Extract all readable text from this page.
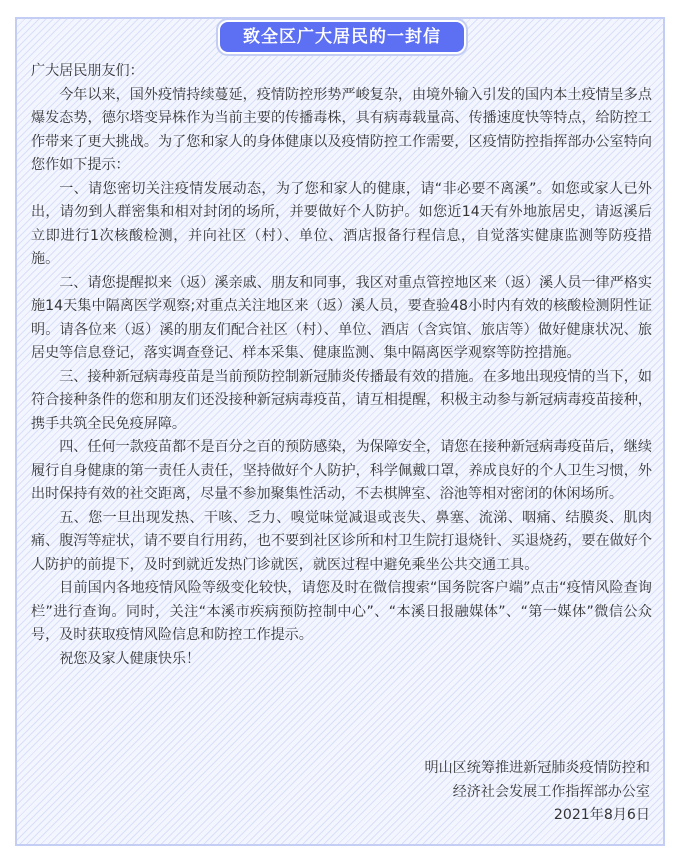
致全区广大居民的一封信

广大居民朋友们：

今年以来，国外疫情持续蔓延，疫情防控形势严峻复杂，由境外输入引发的国内本土疫情呈多点爆发态势，德尔塔变异株作为当前主要的传播毒株，具有病毒载量高、传播速度快等特点，给防控工作带来了更大挑战。为了您和家人的身体健康以及疫情防控工作需要，区疫情防控指挥部办公室特向您作如下提示：

一、请您密切关注疫情发展动态，为了您和家人的健康，请“非必要不离溪”。如您或家人已外出，请勿到人群密集和相对封闭的场所，并要做好个人防护。如您近14天有外地旅居史，请返溪后立即进行1次核酸检测，并向社区（村）、单位、酒店报备行程信息，自觉落实健康监测等防疫措施。

二、请您提醒拟来（返）溪亲戚、朋友和同事，我区对重点管控地区来（返）溪人员一律严格实施14天集中隔离医学观察;对重点关注地区来（返）溪人员，要查验48小时内有效的核酸检测阴性证明。请各位来（返）溪的朋友们配合社区（村）、单位、酒店（含宾馆、旅店等）做好健康状况、旅居史等信息登记，落实调查登记、样本采集、健康监测、集中隔离医学观察等防控措施。

三、接种新冠病毒疫苗是当前预防控制新冠肺炎传播最有效的措施。在多地出现疫情的当下，如符合接种条件的您和朋友们还没接种新冠病毒疫苗，请互相提醒，积极主动参与新冠病毒疫苗接种，携手共筑全民免疫屏障。

四、任何一款疫苗都不是百分之百的预防感染，为保障安全，请您在接种新冠病毒疫苗后，继续履行自身健康的第一责任人责任，坚持做好个人防护，科学佩戴口罩，养成良好的个人卫生习惯，外出时保持有效的社交距离，尽量不参加聚集性活动，不去棋牌室、浴池等相对密闭的休闲场所。

五、您一旦出现发热、干咳、乏力、嗅觉味觉减退或丧失、鼻塞、流涕、咽痛、结膜炎、肌肉痛、腹泻等症状，请不要自行用药，也不要到社区诊所和村卫生院打退烧针、买退烧药，要在做好个人防护的前提下，及时到就近发热门诊就医，就医过程中避免乘坐公共交通工具。

目前国内各地疫情风险等级变化较快，请您及时在微信搜索“国务院客户端”点击“疫情风险查询栏”进行查询。同时，关注“本溪市疾病预防控制中心”、“本溪日报融媒体”、“第一媒体”微信公众号，及时获取疫情风险信息和防控工作提示。

祝您及家人健康快乐！

明山区统筹推进新冠肺炎疫情防控和
经济社会发展工作指挥部办公室
2021年8月6日
